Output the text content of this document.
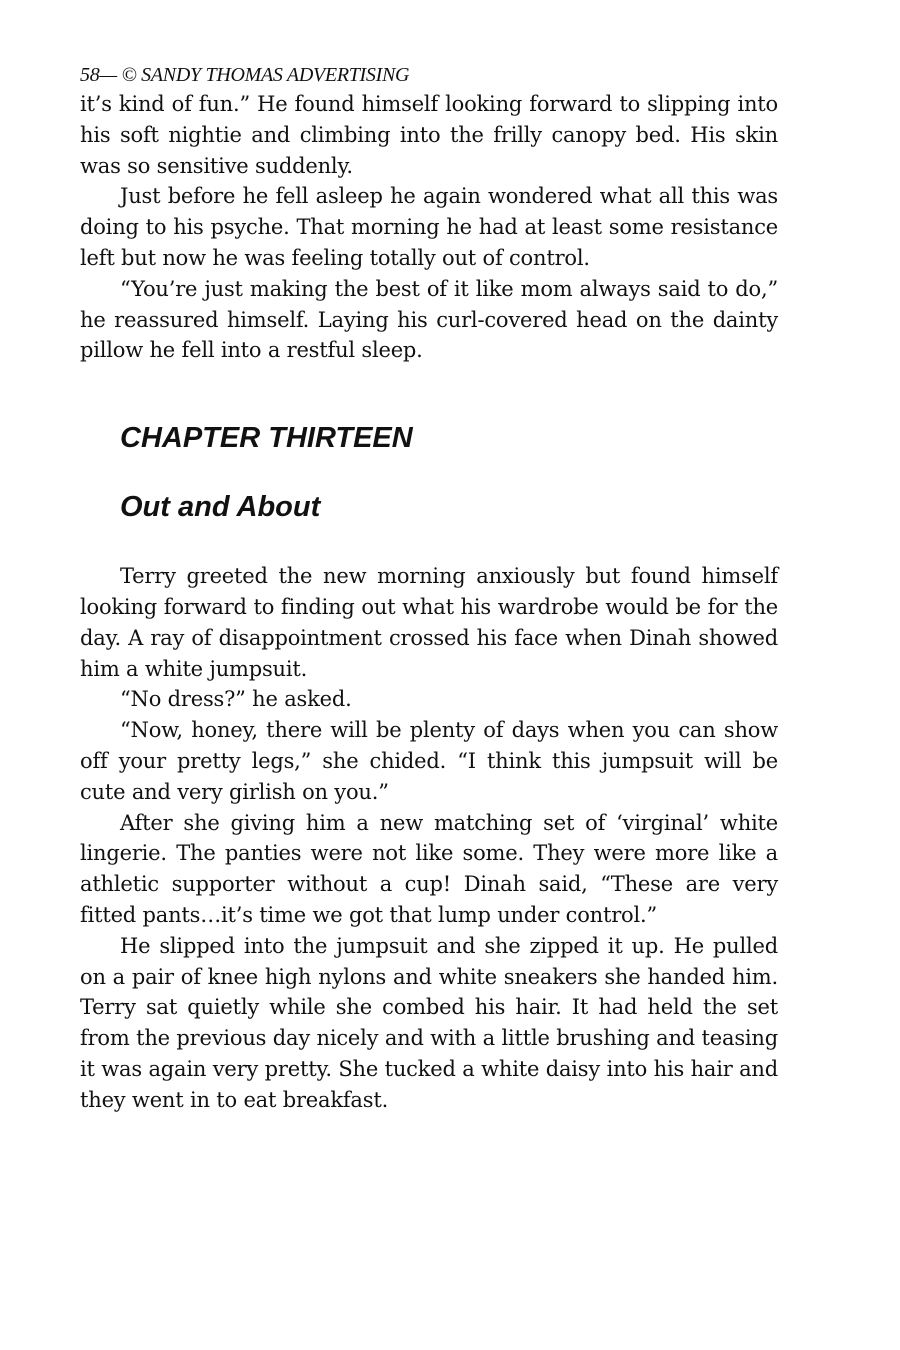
58— © SANDY THOMAS ADVERTISING

it’s kind of fun.” He found himself looking forward to slipping into his soft nightie and climbing into the frilly canopy bed. His skin was so sensitive suddenly.

Just before he fell asleep he again wondered what all this was doing to his psyche. That morning he had at least some resistance left but now he was feeling totally out of control.

“You’re just making the best of it like mom always said to do,” he reassured himself. Laying his curl-covered head on the dainty pillow he fell into a restful sleep.

CHAPTER THIRTEEN
Out and About

Terry greeted the new morning anxiously but found himself looking forward to finding out what his wardrobe would be for the day. A ray of disappointment crossed his face when Dinah showed him a white jumpsuit.

“No dress?” he asked.

“Now, honey, there will be plenty of days when you can show off your pretty legs,” she chided. “I think this jumpsuit will be cute and very girlish on you.”

After she giving him a new matching set of ‘virginal’ white lingerie. The panties were not like some. They were more like a athletic supporter without a cup! Dinah said, “These are very fitted pants…it’s time we got that lump under control.”

He slipped into the jumpsuit and she zipped it up. He pulled on a pair of knee high nylons and white sneakers she handed him. Terry sat quietly while she combed his hair. It had held the set from the previous day nicely and with a little brushing and teasing it was again very pretty. She tucked a white daisy into his hair and they went in to eat breakfast.
